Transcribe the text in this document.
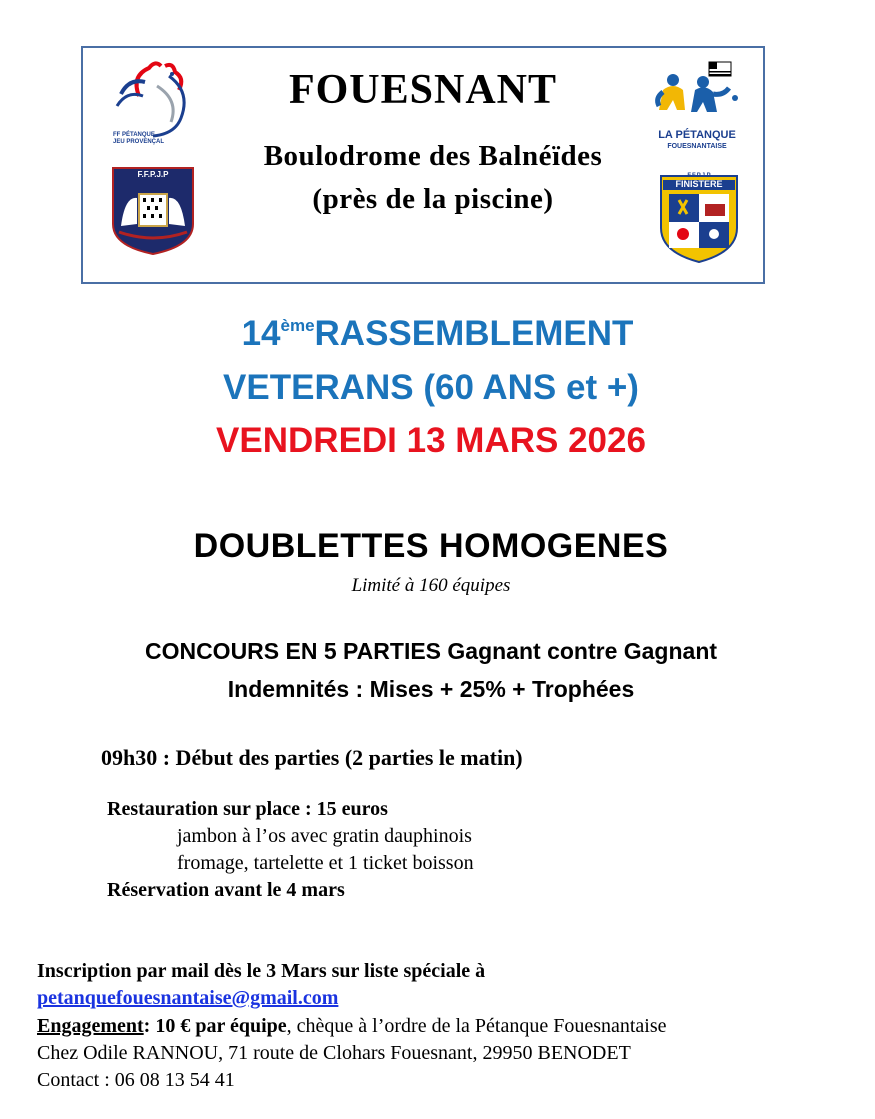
FF PÉTANQUE
JEU PROVENÇAL
F.F.P.J.P
FOUESNANT
Boulodrome des Balnéïdes
(près de la piscine)
LA PÉTANQUE
FOUESNANTAISE
F.F.P.J.P
FINISTERE
14èmeRASSEMBLEMENT
VETERANS (60 ANS et +)
VENDREDI 13 MARS 2026
DOUBLETTES HOMOGENES
Limité à 160 équipes
CONCOURS EN 5 PARTIES Gagnant contre Gagnant
Indemnités : Mises + 25% + Trophées
09h30 : Début des parties (2 parties le matin)
Restauration sur place : 15 euros
jambon à l’os avec gratin dauphinois
fromage, tartelette et 1 ticket boisson
Réservation avant le 4 mars
Inscription par mail dès le 3 Mars sur liste spéciale à
petanquefouesnantaise@gmail.com
Engagement: 10 € par équipe, chèque à l’ordre de la Pétanque Fouesnantaise
Chez Odile RANNOU, 71 route de Clohars Fouesnant, 29950 BENODET
Contact : 06 08 13 54 41
